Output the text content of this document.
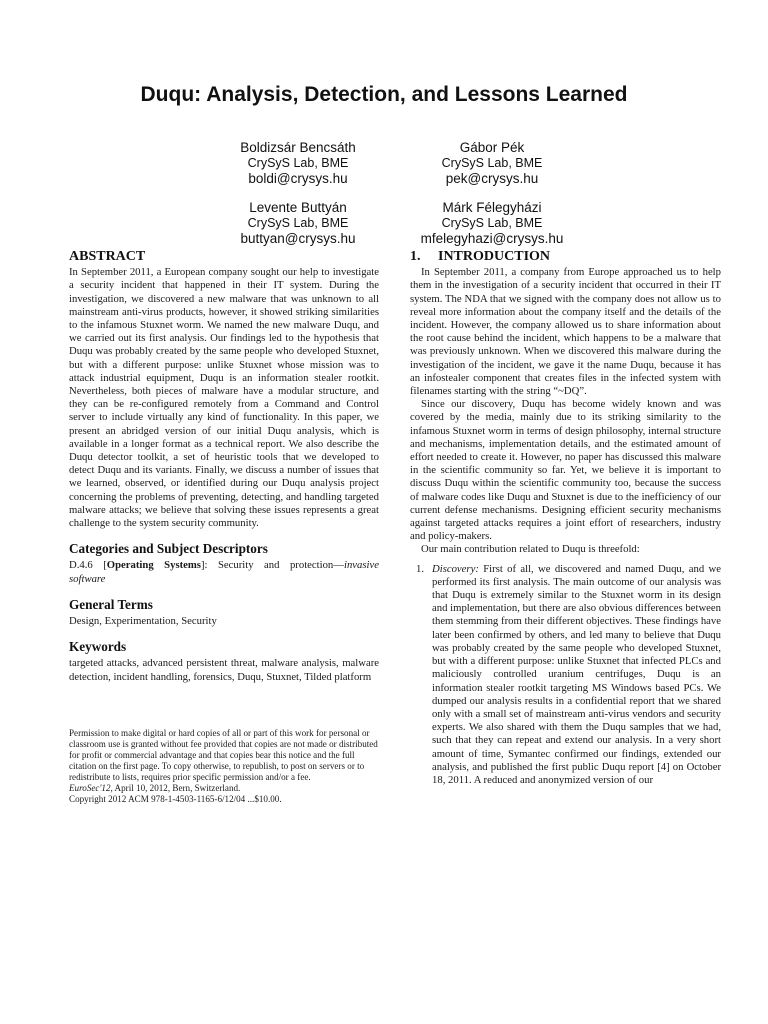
Duqu: Analysis, Detection, and Lessons Learned
Boldizsár Bencsáth
CrySyS Lab, BME
boldi@crysys.hu
Gábor Pék
CrySyS Lab, BME
pek@crysys.hu
Levente Buttyán
CrySyS Lab, BME
buttyan@crysys.hu
Márk Félegyházi
CrySyS Lab, BME
mfelegyhazi@crysys.hu
ABSTRACT

In September 2011, a European company sought our help to investigate a security incident that happened in their IT system. During the investigation, we discovered a new malware that was unknown to all mainstream anti-virus products, however, it showed striking similarities to the infamous Stuxnet worm. We named the new malware Duqu, and we carried out its first analysis. Our findings led to the hypothesis that Duqu was probably created by the same people who developed Stuxnet, but with a different purpose: unlike Stuxnet whose mission was to attack industrial equipment, Duqu is an information stealer rootkit. Nevertheless, both pieces of malware have a modular structure, and they can be re-configured remotely from a Command and Control server to include virtually any kind of functionality. In this paper, we present an abridged version of our initial Duqu analysis, which is available in a longer format as a technical report. We also describe the Duqu detector toolkit, a set of heuristic tools that we developed to detect Duqu and its variants. Finally, we discuss a number of issues that we learned, observed, or identified during our Duqu analysis project concerning the problems of preventing, detecting, and handling targeted malware attacks; we believe that solving these issues represents a great challenge to the system security community.

Categories and Subject Descriptors

D.4.6 [Operating Systems]: Security and protection—invasive software

General Terms

Design, Experimentation, Security

Keywords

targeted attacks, advanced persistent threat, malware analysis, malware detection, incident handling, forensics, Duqu, Stuxnet, Tilded platform

Permission to make digital or hard copies of all or part of this work for personal or classroom use is granted without fee provided that copies are not made or distributed for profit or commercial advantage and that copies bear this notice and the full citation on the first page. To copy otherwise, to republish, to post on servers or to redistribute to lists, requires prior specific permission and/or a fee.

EuroSec'12, April 10, 2012, Bern, Switzerland.

Copyright 2012 ACM 978-1-4503-1165-6/12/04 ...$10.00.

1. INTRODUCTION

In September 2011, a company from Europe approached us to help them in the investigation of a security incident that occurred in their IT system. The NDA that we signed with the company does not allow us to reveal more information about the company itself and the details of the incident. However, the company allowed us to share information about the root cause behind the incident, which happens to be a malware that was previously unknown. When we discovered this malware during the investigation of the incident, we gave it the name Duqu, because it has an infostealer component that creates files in the infected system with filenames starting with the string “~DQ”.

Since our discovery, Duqu has become widely known and was covered by the media, mainly due to its striking similarity to the infamous Stuxnet worm in terms of design philosophy, internal structure and mechanisms, implementation details, and the estimated amount of effort needed to create it. However, no paper has discussed this malware in the scientific community so far. Yet, we believe it is important to discuss Duqu within the scientific community too, because the success of malware codes like Duqu and Stuxnet is due to the inefficiency of our current defense mechanisms. Designing efficient security mechanisms against targeted attacks requires a joint effort of researchers, industry and policy-makers.

Our main contribution related to Duqu is threefold:

1. Discovery: First of all, we discovered and named Duqu, and we performed its first analysis. The main outcome of our analysis was that Duqu is extremely similar to the Stuxnet worm in its design and implementation, but there are also obvious differences between them stemming from their different objectives. These findings have later been confirmed by others, and led many to believe that Duqu was probably created by the same people who developed Stuxnet, but with a different purpose: unlike Stuxnet that infected PLCs and maliciously controlled uranium centrifuges, Duqu is an information stealer rootkit targeting MS Windows based PCs. We dumped our analysis results in a confidential report that we shared only with a small set of mainstream anti-virus vendors and security experts. We also shared with them the Duqu samples that we had, such that they can repeat and extend our analysis. In a very short amount of time, Symantec confirmed our findings, extended our analysis, and published the first public Duqu report [4] on October 18, 2011. A reduced and anonymized version of our
